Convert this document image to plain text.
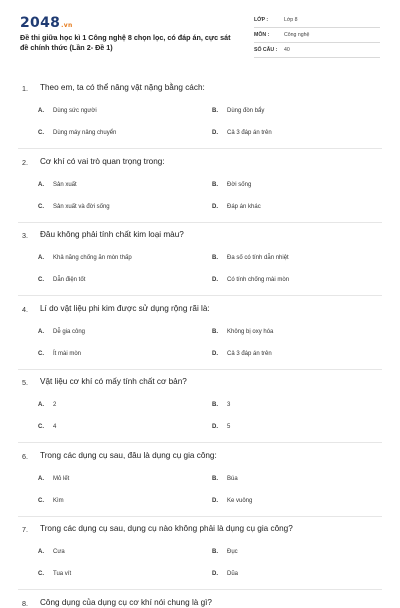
2048.vn
Đề thi giữa học kì 1 Công nghệ 8 chọn lọc, có đáp án, cực sát đề chính thức (Lần 2- Đề 1)
LỚP :	Lớp 8
MÔN :	Công nghệ
SỐ CÂU : 40
1. Theo em, ta có thể nâng vật nặng bằng cách:
A. Dùng sức người	B. Dùng đòn bẩy
C. Dùng máy nâng chuyển	D. Cả 3 đáp án trên
2. Cơ khí có vai trò quan trọng trong:
A. Sản xuất	B. Đời sống
C. Sản xuất và đời sống	D. Đáp án khác
3. Đâu không phải tính chất kim loại màu?
A. Khả năng chống ăn mòn thấp	B. Đa số có tính dẫn nhiệt
C. Dẫn điện tốt	D. Có tính chống mài mòn
4. Lí do vật liệu phi kim được sử dụng rộng rãi là:
A. Dễ gia công	B. Không bị oxy hóa
C. Ít mài mòn	D. Cả 3 đáp án trên
5. Vật liệu cơ khí có mấy tính chất cơ bản?
A. 2	B. 3
C. 4	D. 5
6. Trong các dụng cụ sau, đâu là dụng cụ gia công:
A. Mỏ lết	B. Búa
C. Kìm	D. Ke vuông
7. Trong các dụng cụ sau, dụng cụ nào không phải là dụng cụ gia công?
A. Cưa	B. Đục
C. Tua vít	D. Dũa
8. Công dụng của dụng cụ cơ khí nói chung là gì?
